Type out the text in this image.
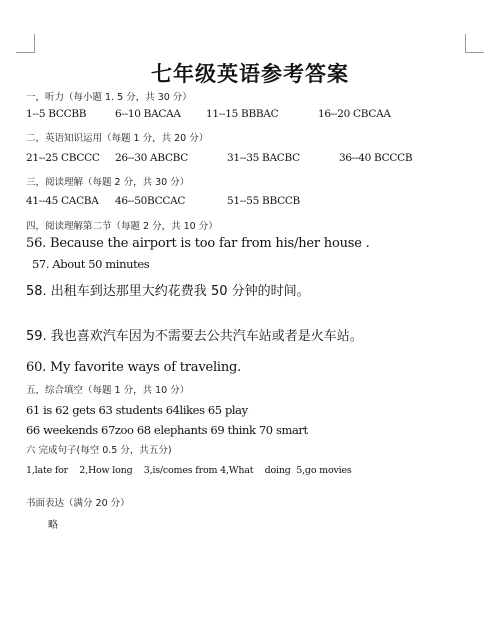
七年级英语参考答案
一，听力（每小题 1. 5 分，共 30 分）
1--5 BCCBB	6--10 BACAA 11--15 BBBAC	16--20 CBCAA
二，英语知识运用（每题 1 分，共 20 分）
21--25 CBCCC 26--30 ABCBC	31--35 BACBC	36--40 BCCCB
三，阅读理解（每题 2 分，共 30 分）
41--45 CACBA 46--50BCCAC	51--55 BBCCB
四，阅读理解第二节（每题 2 分，共 10 分）
56. Because the airport is too far from his/her house .
57. About 50 minutes
58. 出租车到达那里大约花费我 50 分钟的时间。
59. 我也喜欢汽车因为不需要去公共汽车站或者是火车站。
60. My favorite ways of traveling.
五，综合填空（每题 1 分，共 10 分）
61 is 62 gets 63 students 64likes 65 play
66 weekends 67zoo 68 elephants 69 think 70 smart
六 完成句子(每空 0.5 分，共五分)
1,late for    2,How long    3,is/comes from 4,What    doing  5,go movies
书面表达（满分 20 分）
略
